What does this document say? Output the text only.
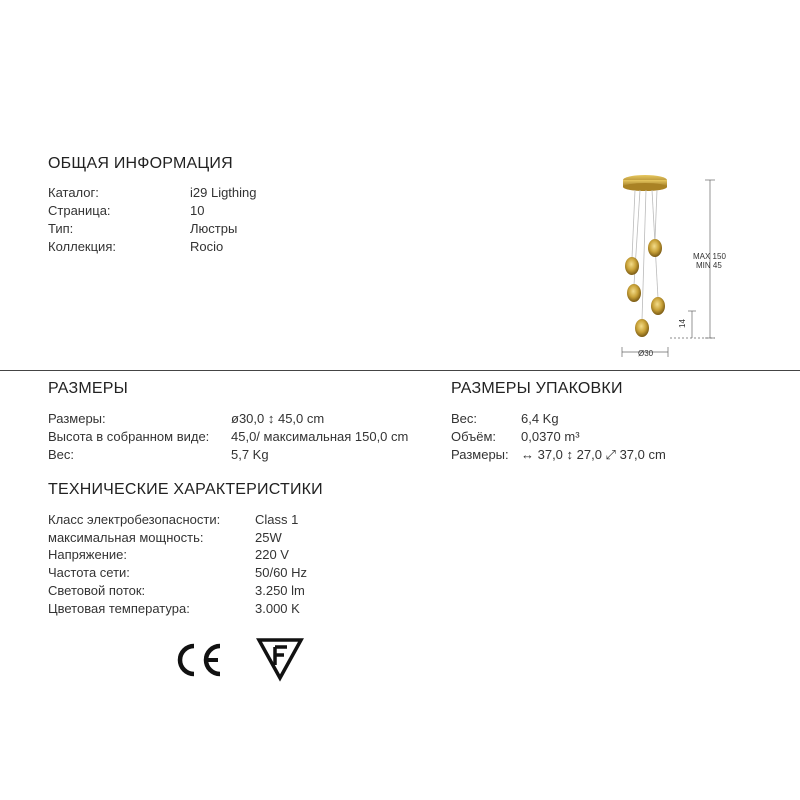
ОБЩАЯ ИНФОРМАЦИЯ
Каталог:	i29 Ligthing
Страница:	10
Тип:	Люстры
Коллекция:	Rocio
MAX 150
MIN 45
14
Ø30
РАЗМЕРЫ
Размеры:	ø30,0 ↕ 45,0 cm
Высота в собранном виде: 45,0/ максимальная 150,0 cm
Вес:	5,7 Kg
РАЗМЕРЫ УПАКОВКИ
Вес:	6,4 Kg
Объём: 0,0370 m³
Размеры: ↔ 37,0 ↕ 27,0 ⤢ 37,0 cm
ТЕХНИЧЕСКИЕ ХАРАКТЕРИСТИКИ
Класс электробезопасности:	Class 1
максимальная мощность:	25W
Напряжение:	220 V
Частота сети:	50/60 Hz
Световой поток:	3.250 lm
Цветовая температура:	3.000 K
